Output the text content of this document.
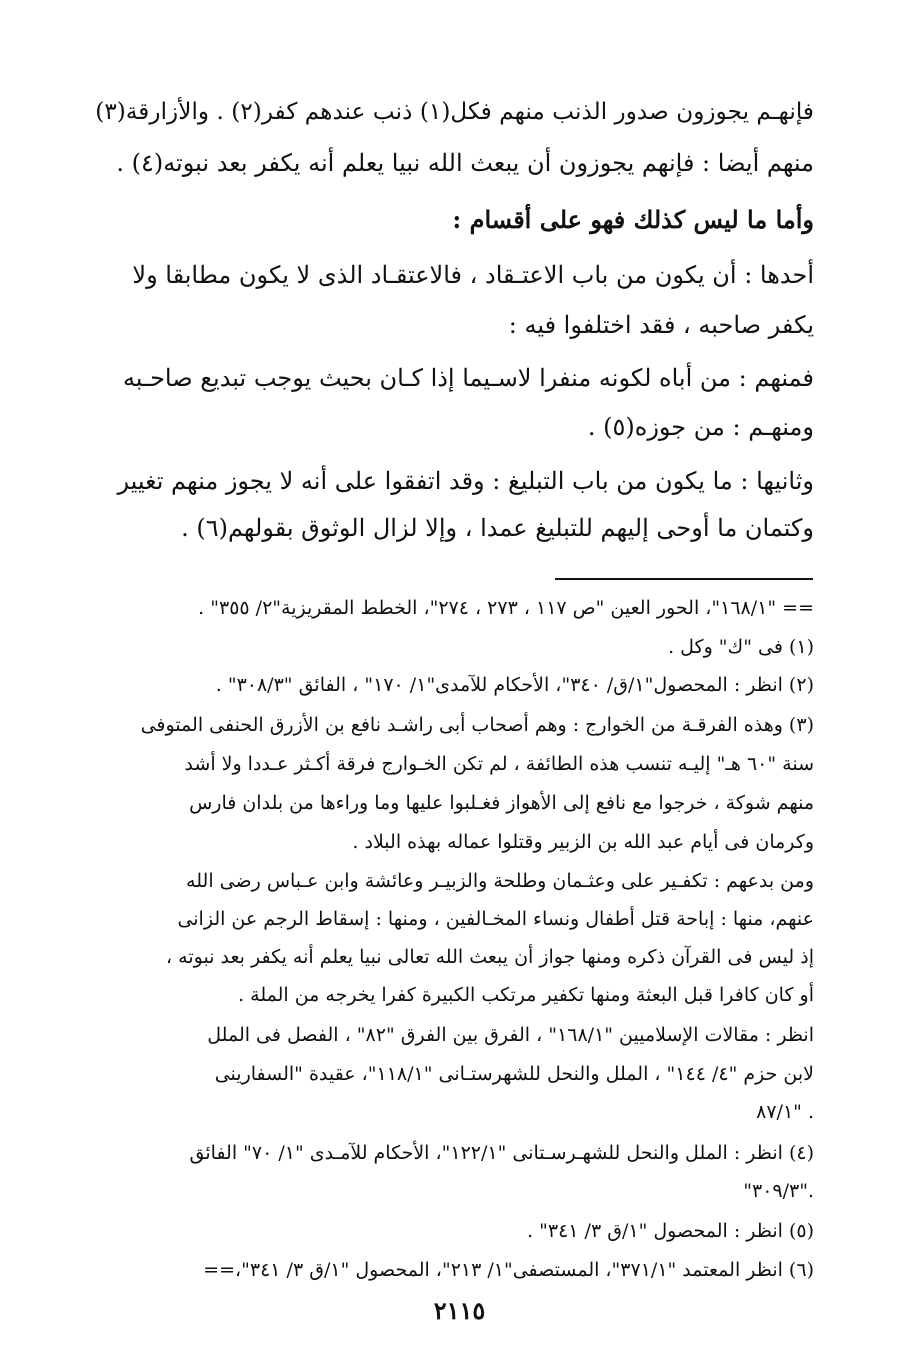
فإنهـم يجوزون صدور الذنب منهم فكل(١) ذنب عندهم كفر(٢) . والأزارقة(٣)
منهم أيضا : فإنهم يجوزون أن يبعث الله نبيا يعلم أنه يكفر بعد نبوته(٤) .
وأما ما ليس كذلك فهو على أقسام :
أحدها : أن يكون من باب الاعتـقاد ، فالاعتقـاد الذى لا يكون مطابقا ولا
يكفر صاحبه ، فقد اختلفوا فيه :
فمنهم : من أباه لكونه منفرا لاسـيما إذا كـان بحيث يوجب تبديع صاحـبه
ومنهـم : من جوزه(٥) .
وثانيها : ما يكون من باب التبليغ : وقد اتفقوا على أنه لا يجوز منهم تغيير
وكتمان ما أوحى إليهم للتبليغ عمدا ، وإلا لزال الوثوق بقولهم(٦) .
== "١٦٨/١"، الحور العين "ص ١١٧ ، ٢٧٣ ، ٢٧٤"، الخطط المقريزية"٢/ ٣٥٥" .
(١) فى "ك" وكل .
(٢) انظر : المحصول"١/ق/ ٣٤٠"، الأحكام للآمدى"١/ ١٧٠" ، الفائق "٣٠٨/٣" .
(٣) وهذه الفرقـة من الخوارج : وهم أصحاب أبى راشـد نافع بن الأزرق الحنفى المتوفى
سنة "٦٠ هـ" إليـه تنسب هذه الطائفة ، لم تكن الخـوارج فرقة أكـثر عـددا ولا أشد
منهم شوكة ، خرجوا مع نافع إلى الأهواز فغـلبوا عليها وما وراءها من بلدان فارس
وكرمان فى أيام عبد الله بن الزبير وقتلوا عماله بهذه البلاد .
ومن بدعهم : تكفـير على وعثـمان وطلحة والزبيـر وعائشة وابن عـباس رضى الله
عنهم، منها : إباحة قتل أطفال ونساء المخـالفين ، ومنها : إسقاط الرجم عن الزانى
إذ ليس فى القرآن ذكره ومنها جواز أن يبعث الله تعالى نبيا يعلم أنه يكفر بعد نبوته ،
أو كان كافرا قبل البعثة ومنها تكفير مرتكب الكبيرة كفرا يخرجه من الملة .
انظر : مقالات الإسلاميين "١٦٨/١" ، الفرق بين الفرق "٨٢" ، الفصل فى الملل
لابن حزم "٤/ ١٤٤" ، الملل والنحل للشهرستـانى "١١٨/١"، عقيدة "السفارينى
٨٧/١" .
(٤) انظر : الملل والنحل للشهـرسـتانى "١٢٢/١"، الأحكام للآمـدى "١/ ٧٠" الفائق
"٣٠٩/٣".
(٥) انظر : المحصول "١/ق ٣/ ٣٤١" .
(٦) انظر المعتمد "٣٧١/١"، المستصفى"١/ ٢١٣"، المحصول "١/ق ٣/ ٣٤١"،==
٢١١٥
